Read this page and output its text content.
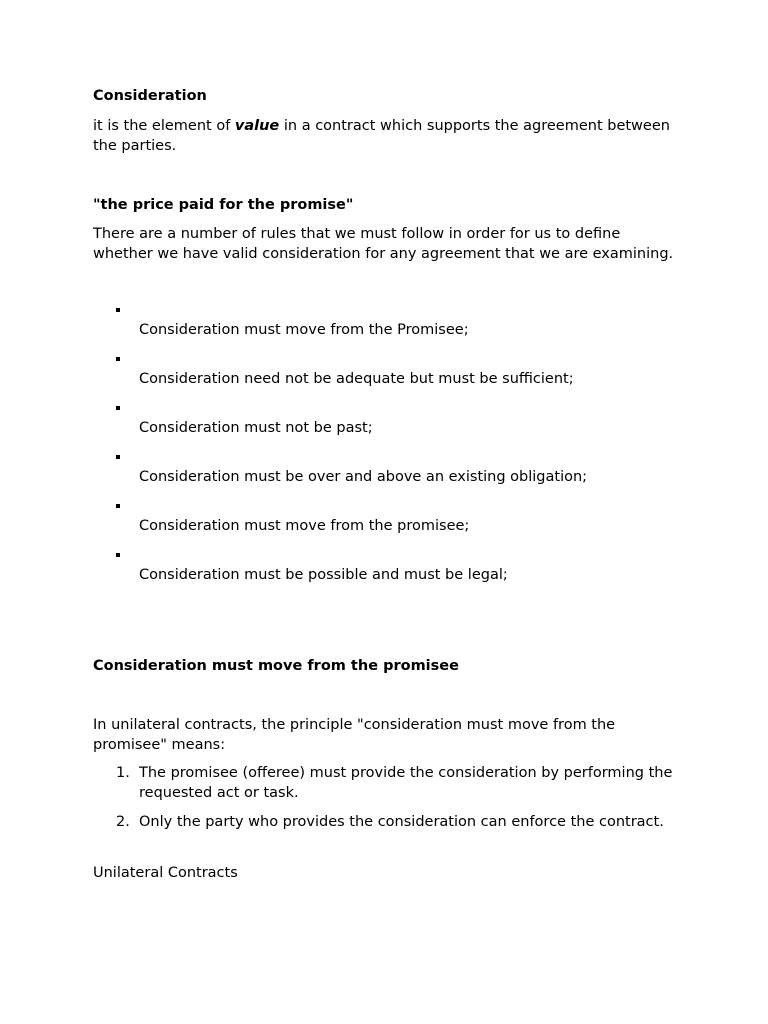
Consideration

it is the element of value in a contract which supports the agreement between the parties.

"the price paid for the promise"

There are a number of rules that we must follow in order for us to define whether we have valid consideration for any agreement that we are examining.

Consideration must move from the Promisee;
Consideration need not be adequate but must be sufficient;
Consideration must not be past;
Consideration must be over and above an existing obligation;
Consideration must move from the promisee;
Consideration must be possible and must be legal;

Consideration must move from the promisee

In unilateral contracts, the principle "consideration must move from the promisee" means:

1. The promisee (offeree) must provide the consideration by performing the requested act or task.
2. Only the party who provides the consideration can enforce the contract.

Unilateral Contracts
